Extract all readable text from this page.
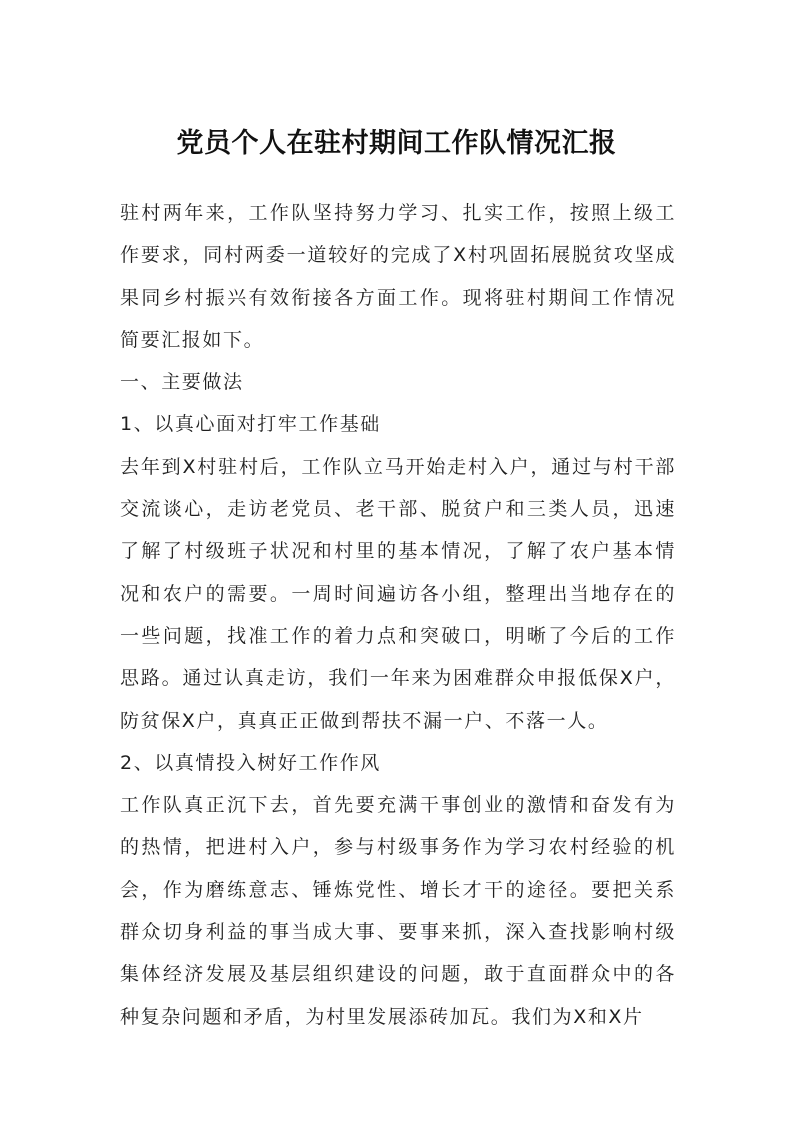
党员个人在驻村期间工作队情况汇报

驻村两年来，工作队坚持努力学习、扎实工作，按照上级工作要求，同村两委一道较好的完成了X村巩固拓展脱贫攻坚成果同乡村振兴有效衔接各方面工作。现将驻村期间工作情况简要汇报如下。

一、主要做法

1、以真心面对打牢工作基础

去年到X村驻村后，工作队立马开始走村入户，通过与村干部交流谈心，走访老党员、老干部、脱贫户和三类人员，迅速了解了村级班子状况和村里的基本情况，了解了农户基本情况和农户的需要。一周时间遍访各小组，整理出当地存在的一些问题，找准工作的着力点和突破口，明晰了今后的工作思路。通过认真走访，我们一年来为困难群众申报低保X户，防贫保X户，真真正正做到帮扶不漏一户、不落一人。

2、以真情投入树好工作作风

工作队真正沉下去，首先要充满干事创业的激情和奋发有为的热情，把进村入户，参与村级事务作为学习农村经验的机会，作为磨练意志、锤炼党性、增长才干的途径。要把关系群众切身利益的事当成大事、要事来抓，深入查找影响村级集体经济发展及基层组织建设的问题，敢于直面群众中的各种复杂问题和矛盾，为村里发展添砖加瓦。我们为X和X片
